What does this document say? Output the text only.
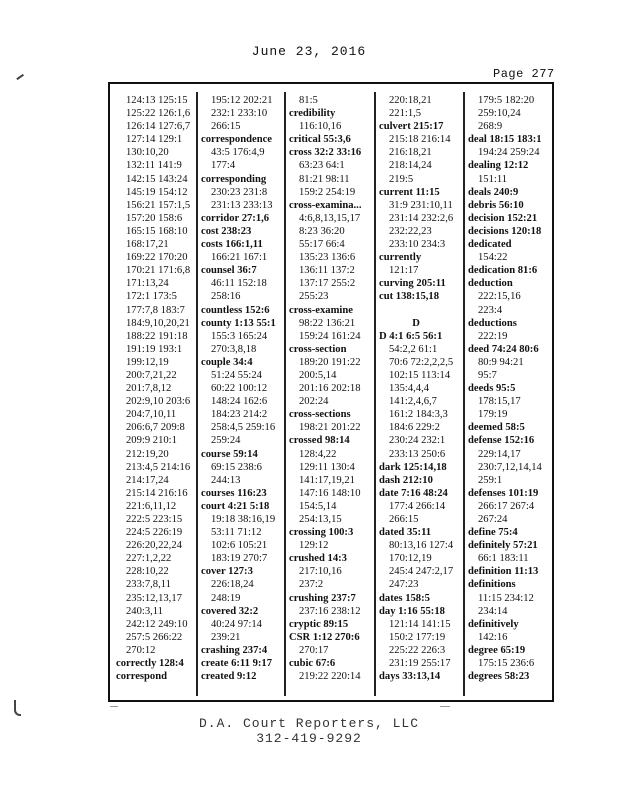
June 23, 2016
Page 277
124:13 125:15
125:22 126:1,6
126:14 127:6,7
127:14 129:1
130:10,20
132:11 141:9
142:15 143:24
145:19 154:12
156:21 157:1,5
157:20 158:6
165:15 168:10
168:17,21
169:22 170:20
170:21 171:6,8
171:13,24
172:1 173:5
177:7,8 183:7
184:9,10,20,21
188:22 191:18
191:19 193:1
199:12,19
200:7,21,22
201:7,8,12
202:9,10 203:6
204:7,10,11
206:6,7 209:8
209:9 210:1
212:19,20
213:4,5 214:16
214:17,24
215:14 216:16
221:6,11,12
222:5 223:15
224:5 226:19
226:20,22,24
227:1,2,22
228:10,22
233:7,8,11
235:12,13,17
240:3,11
242:12 249:10
257:5 266:22
270:12
correctly 128:4
correspond
195:12 202:21
232:1 233:10
266:15
correspondence
43:5 176:4,9
177:4
corresponding
230:23 231:8
231:13 233:13
corridor 27:1,6
cost 238:23
costs 166:1,11
166:21 167:1
counsel 36:7
46:11 152:18
258:16
countless 152:6
county 1:13 55:1
155:3 165:24
270:3,8,18
couple 34:4
51:24 55:24
60:22 100:12
148:24 162:6
184:23 214:2
258:4,5 259:16
259:24
course 59:14
69:15 238:6
244:13
courses 116:23
court 4:21 5:18
19:18 38:16,19
53:11 71:12
102:6 105:21
183:19 270:7
cover 127:3
226:18,24
248:19
covered 32:2
40:24 97:14
239:21
crashing 237:4
create 6:11 9:17
created 9:12
81:5
credibility
116:10,16
critical 55:3,6
cross 32:2 33:16
63:23 64:1
81:21 98:11
159:2 254:19
cross-examina...
4:6,8,13,15,17
8:23 36:20
55:17 66:4
135:23 136:6
136:11 137:2
137:17 255:2
255:23
cross-examine
98:22 136:21
159:24 161:24
cross-section
189:20 191:22
200:5,14
201:16 202:18
202:24
cross-sections
198:21 201:22
crossed 98:14
128:4,22
129:11 130:4
141:17,19,21
147:16 148:10
154:5,14
254:13,15
crossing 100:3
129:12
crushed 14:3
217:10,16
237:2
crushing 237:7
237:16 238:12
cryptic 89:15
CSR 1:12 270:6
270:17
cubic 67:6
219:22 220:14
220:18,21
221:1,5
culvert 215:17
215:18 216:14
216:18,21
218:14,24
219:5
current 11:15
31:9 231:10,11
231:14 232:2,6
232:22,23
233:10 234:3
currently
121:17
curving 205:11
cut 138:15,18

D
D 4:1 6:5 56:1
54:2,2 61:1
70:6 72:2,2,2,5
102:15 113:14
135:4,4,4
141:2,4,6,7
161:2 184:3,3
184:6 229:2
230:24 232:1
233:13 250:6
dark 125:14,18
dash 212:10
date 7:16 48:24
177:4 266:14
266:15
dated 35:11
80:13,16 127:4
170:12,19
245:4 247:2,17
247:23
dates 158:5
day 1:16 55:18
121:14 141:15
150:2 177:19
225:22 226:3
231:19 255:17
days 33:13,14
179:5 182:20
259:10,24
268:9
deal 18:15 183:1
194:24 259:24
dealing 12:12
151:11
deals 240:9
debris 56:10
decision 152:21
decisions 120:18
dedicated
154:22
dedication 81:6
deduction
222:15,16
223:4
deductions
222:19
deed 74:24 80:6
80:9 94:21
95:7
deeds 95:5
178:15,17
179:19
deemed 58:5
defense 152:16
229:14,17
230:7,12,14,14
259:1
defenses 101:19
266:17 267:4
267:24
define 75:4
definitely 57:21
66:1 183:11
definition 11:13
definitions
11:15 234:12
234:14
definitively
142:16
degree 65:19
175:15 236:6
degrees 58:23
D.A. Court Reporters, LLC
312-419-9292
